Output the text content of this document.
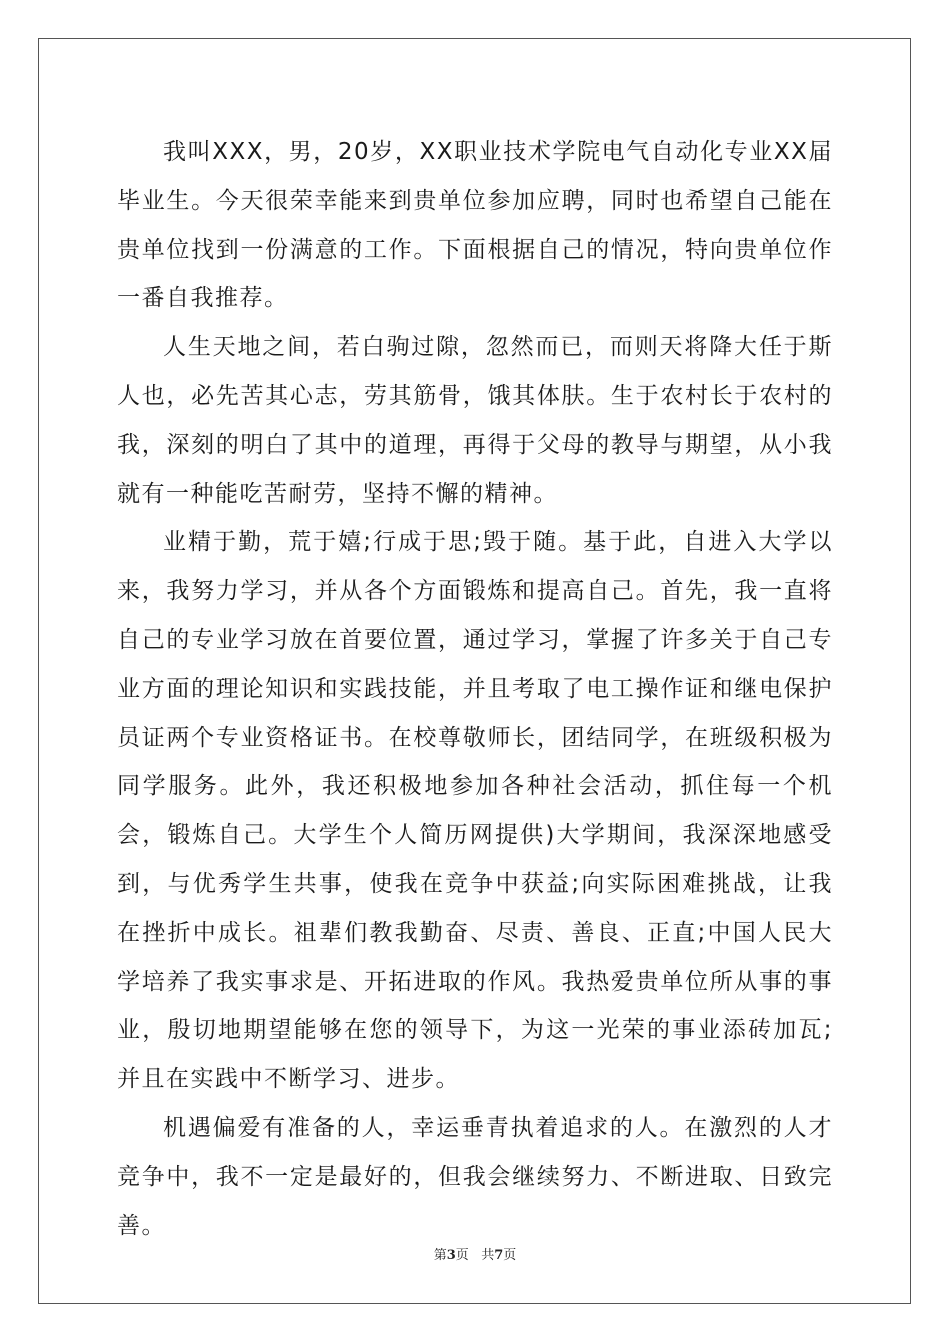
我叫XXX，男，20岁，XX职业技术学院电气自动化专业XX届毕业生。今天很荣幸能来到贵单位参加应聘，同时也希望自己能在贵单位找到一份满意的工作。下面根据自己的情况，特向贵单位作一番自我推荐。

人生天地之间，若白驹过隙，忽然而已，而则天将降大任于斯人也，必先苦其心志，劳其筋骨，饿其体肤。生于农村长于农村的我，深刻的明白了其中的道理，再得于父母的教导与期望，从小我就有一种能吃苦耐劳，坚持不懈的精神。

业精于勤，荒于嬉;行成于思;毁于随。基于此，自进入大学以来，我努力学习，并从各个方面锻炼和提高自己。首先，我一直将自己的专业学习放在首要位置，通过学习，掌握了许多关于自己专业方面的理论知识和实践技能，并且考取了电工操作证和继电保护员证两个专业资格证书。在校尊敬师长，团结同学，在班级积极为同学服务。此外，我还积极地参加各种社会活动，抓住每一个机会，锻炼自己。大学生个人简历网提供)大学期间，我深深地感受到，与优秀学生共事，使我在竞争中获益;向实际困难挑战，让我在挫折中成长。祖辈们教我勤奋、尽责、善良、正直;中国人民大学培养了我实事求是、开拓进取的作风。我热爱贵单位所从事的事业，殷切地期望能够在您的领导下，为这一光荣的事业添砖加瓦;并且在实践中不断学习、进步。

机遇偏爱有准备的人，幸运垂青执着追求的人。在激烈的人才竞争中，我不一定是最好的，但我会继续努力、不断进取、日致完善。

第3页 共7页
